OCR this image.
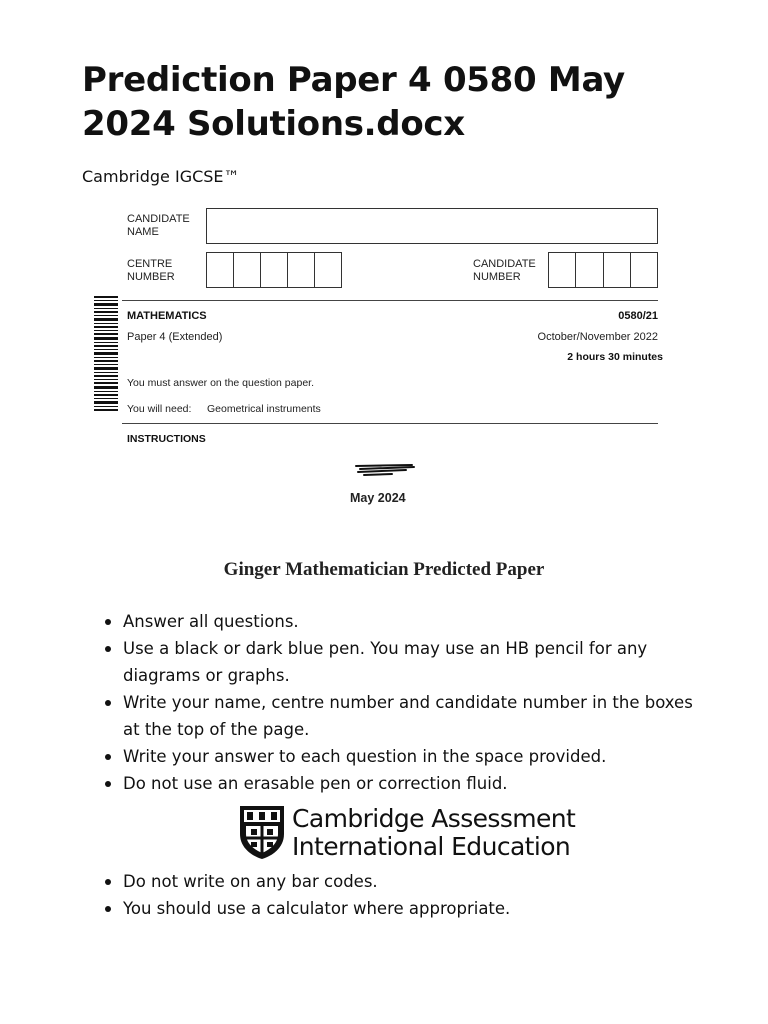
Prediction Paper 4 0580 May 2024 Solutions.docx
Cambridge IGCSE™
CANDIDATE
NAME
CENTRE
NUMBER
CANDIDATE
NUMBER
MATHEMATICS	0580/21
Paper 4 (Extended)	October/November 2022
2 hours 30 minutes
You must answer on the question paper.
You will need: Geometrical instruments
INSTRUCTIONS
May 2024
Ginger Mathematician Predicted Paper
Answer all questions.
Use a black or dark blue pen. You may use an HB pencil for any diagrams or graphs.
Write your name, centre number and candidate number in the boxes at the top of the page.
Write your answer to each question in the space provided.
Do not use an erasable pen or correction fluid.
Cambridge Assessment
International Education
Do not write on any bar codes.
You should use a calculator where appropriate.
